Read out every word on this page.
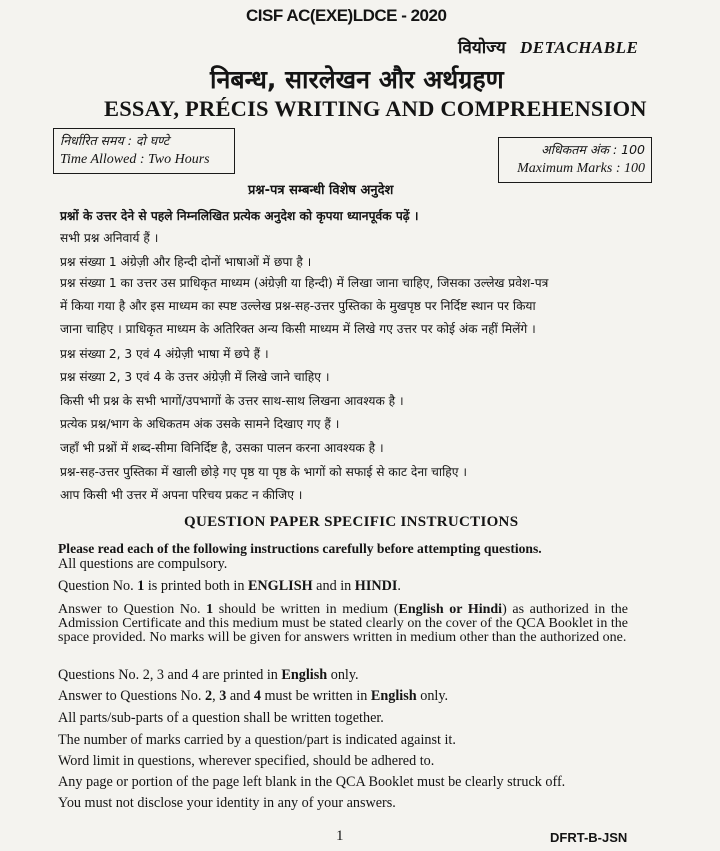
CISF AC(EXE)LDCE - 2020
वियोज्य DETACHABLE
निबन्ध, सारलेखन और अर्थग्रहण
ESSAY, PRÉCIS WRITING AND COMPREHENSION
निर्धारित समय : दो घण्टे
Time Allowed : Two Hours
अधिकतम अंक : 100
Maximum Marks : 100
प्रश्न-पत्र सम्बन्धी विशेष अनुदेश
प्रश्नों के उत्तर देने से पहले निम्नलिखित प्रत्येक अनुदेश को कृपया ध्यानपूर्वक पढ़ें ।
सभी प्रश्न अनिवार्य हैं ।
प्रश्न संख्या 1 अंग्रेज़ी और हिन्दी दोनों भाषाओं में छपा है ।
प्रश्न संख्या 1 का उत्तर उस प्राधिकृत माध्यम (अंग्रेज़ी या हिन्दी) में लिखा जाना चाहिए, जिसका उल्लेख प्रवेश-पत्र
में किया गया है और इस माध्यम का स्पष्ट उल्लेख प्रश्न-सह-उत्तर पुस्तिका के मुखपृष्ठ पर निर्दिष्ट स्थान पर किया
जाना चाहिए । प्राधिकृत माध्यम के अतिरिक्त अन्य किसी माध्यम में लिखे गए उत्तर पर कोई अंक नहीं मिलेंगे ।
प्रश्न संख्या 2, 3 एवं 4 अंग्रेज़ी भाषा में छपे हैं ।
प्रश्न संख्या 2, 3 एवं 4 के उत्तर अंग्रेज़ी में लिखे जाने चाहिए ।
किसी भी प्रश्न के सभी भागों/उपभागों के उत्तर साथ-साथ लिखना आवश्यक है ।
प्रत्येक प्रश्न/भाग के अधिकतम अंक उसके सामने दिखाए गए हैं ।
जहाँ भी प्रश्नों में शब्द-सीमा विनिर्दिष्ट है, उसका पालन करना आवश्यक है ।
प्रश्न-सह-उत्तर पुस्तिका में खाली छोड़े गए पृष्ठ या पृष्ठ के भागों को सफाई से काट देना चाहिए ।
आप किसी भी उत्तर में अपना परिचय प्रकट न कीजिए ।
QUESTION PAPER SPECIFIC INSTRUCTIONS
Please read each of the following instructions carefully before attempting questions.
All questions are compulsory.
Question No. 1 is printed both in ENGLISH and in HINDI.
Answer to Question No. 1 should be written in medium (English or Hindi) as authorized in the Admission Certificate and this medium must be stated clearly on the cover of the QCA Booklet in the space provided. No marks will be given for answers written in medium other than the authorized one.
Questions No. 2, 3 and 4 are printed in English only.
Answer to Questions No. 2, 3 and 4 must be written in English only.
All parts/sub-parts of a question shall be written together.
The number of marks carried by a question/part is indicated against it.
Word limit in questions, wherever specified, should be adhered to.
Any page or portion of the page left blank in the QCA Booklet must be clearly struck off.
You must not disclose your identity in any of your answers.
1	DFRT-B-JSN
